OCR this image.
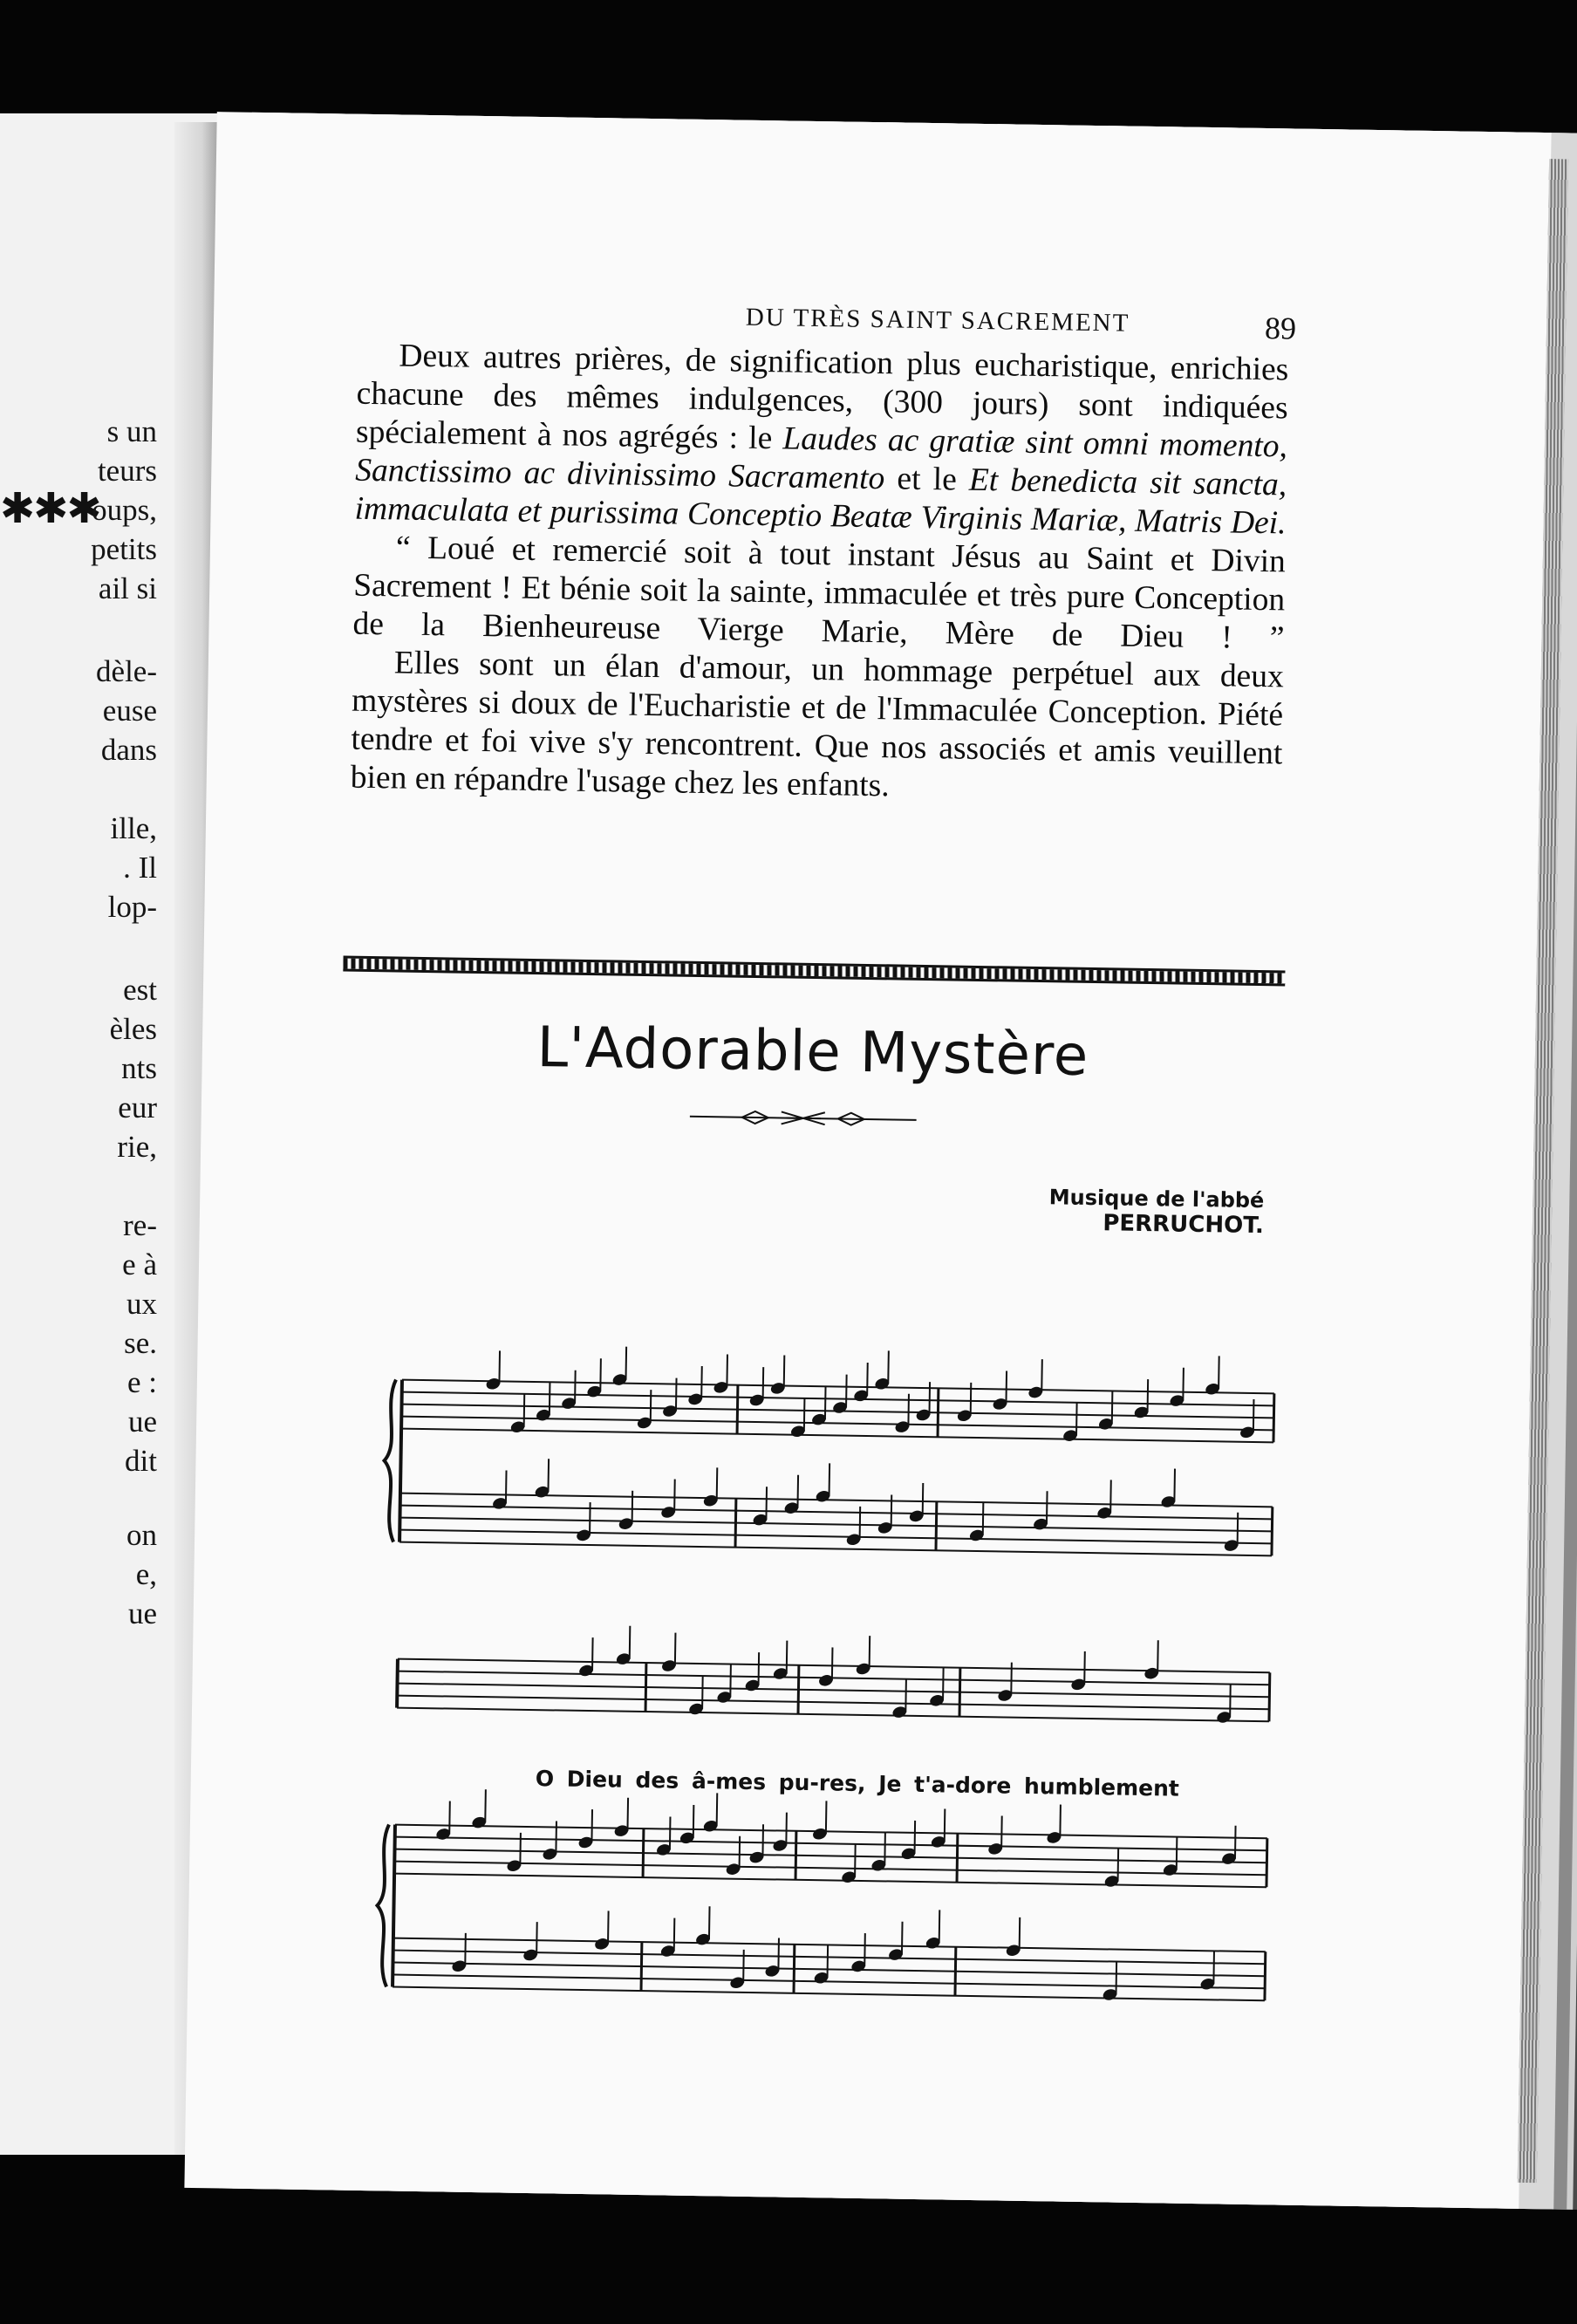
✱✱✱
s un
teurs
oups,
petits
ail si
dèle-
euse
dans
ille,
. Il
lop-
est
èles
nts
eur
rie,
re-
e à
ux
se.
e :
ue
dit
on
e,
ue
DU TRÈS SAINT SACREMENT	89

Deux autres prières, de signification plus eucharistique, enrichies chacune des mêmes indulgences, (300 jours) sont indiquées spécialement à nos agrégés : le Laudes ac gratiæ sint omni momento, Sanctissimo ac divinissimo Sacramento et le Et benedicta sit sancta, immaculata et purissima Conceptio Beatæ Virginis Mariæ, Matris Dei.

“ Loué et remercié soit à tout instant Jésus au Saint et Divin Sacrement ! Et bénie soit la sainte, immaculée et très pure Conception de la Bienheureuse Vierge Marie, Mère de Dieu ! ”

Elles sont un élan d'amour, un hommage perpétuel aux deux mystères si doux de l'Eucharistie et de l'Immaculée Conception. Piété tendre et foi vive s'y rencontrent. Que nos associés et amis veuillent bien en répandre l'usage chez les enfants.

L'Adorable Mystère
Musique de l'abbé PERRUCHOT.
O Dieu des â-mes pu-res, Je t'a-dore humblement
